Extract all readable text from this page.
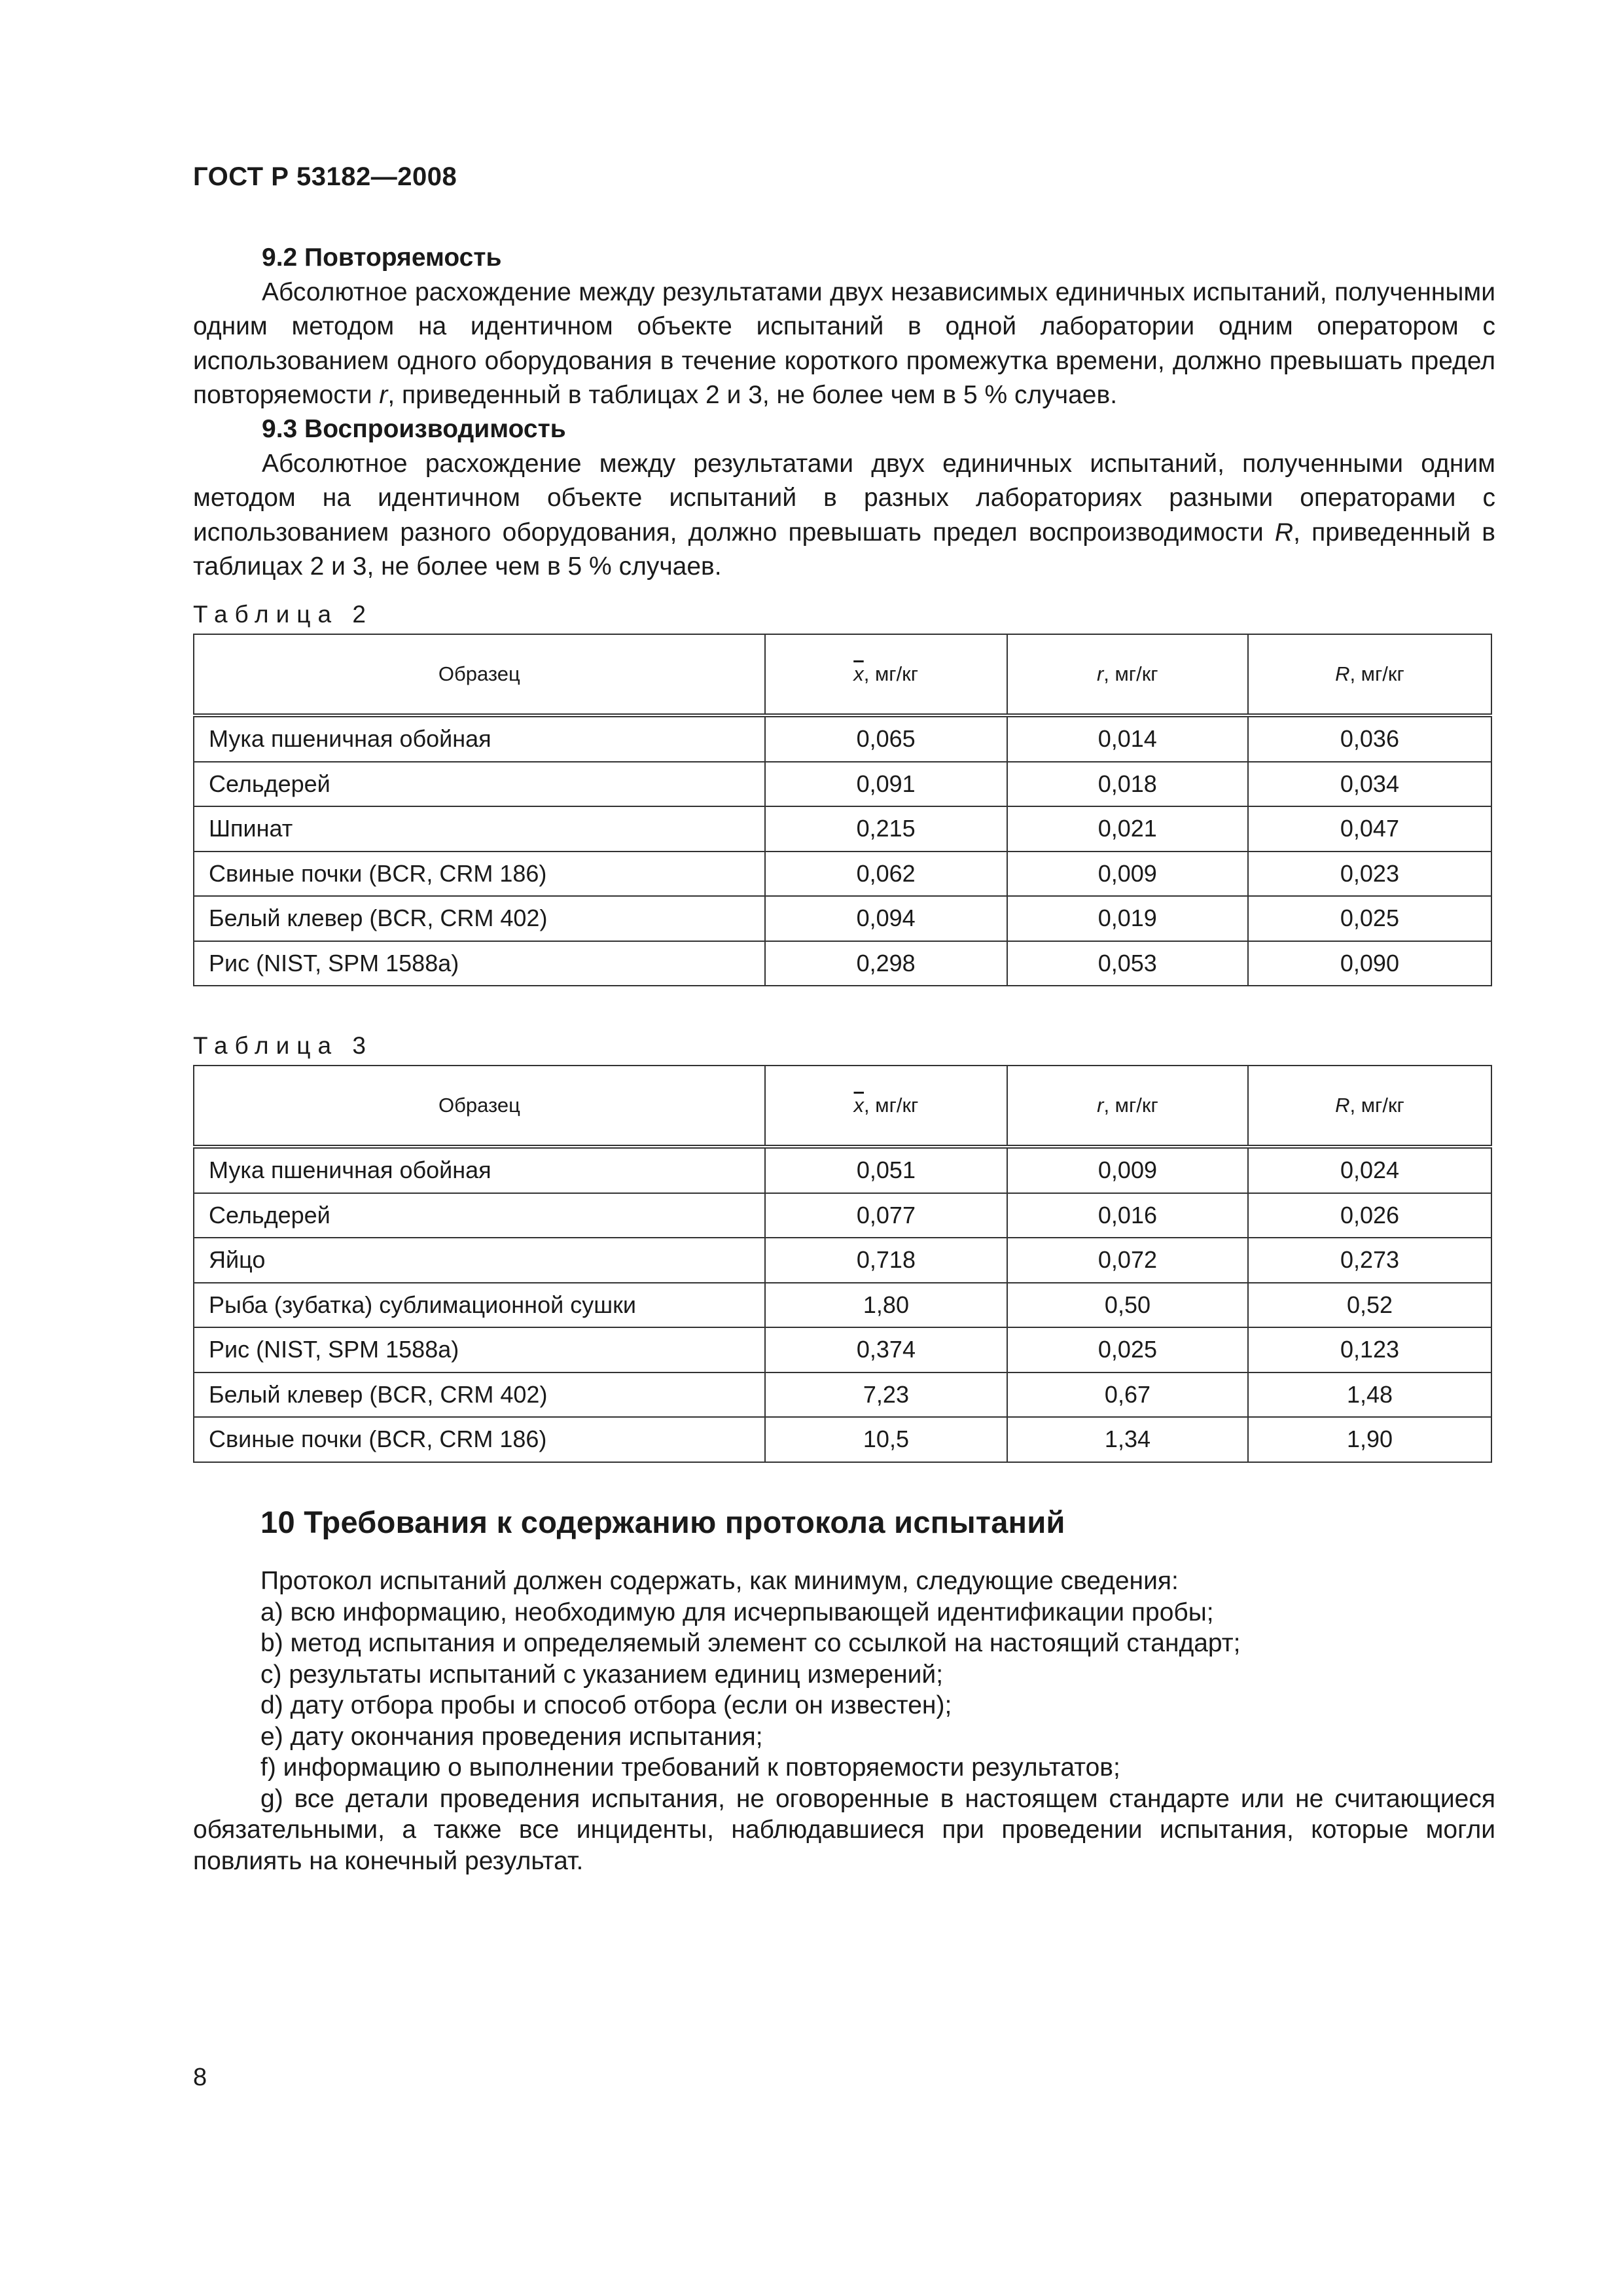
ГОСТ Р 53182—2008

9.2 Повторяемость

Абсолютное расхождение между результатами двух независимых единичных испытаний, полученными одним методом на идентичном объекте испытаний в одной лаборатории одним оператором с использованием одного оборудования в течение короткого промежутка времени, должно превышать предел повторяемости r, приведенный в таблицах 2 и 3, не более чем в 5 % случаев.

9.3 Воспроизводимость

Абсолютное расхождение между результатами двух единичных испытаний, полученными одним методом на идентичном объекте испытаний в разных лабораториях разными операторами с использованием разного оборудования, должно превышать предел воспроизводимости R, приведенный в таблицах 2 и 3, не более чем в 5 % случаев.

Таблица 2
Образец	$\overline{x}$, мг/кг	r, мг/кг	R, мг/кг
Мука пшеничная обойная	0,065	0,014	0,036
Сельдерей	0,091	0,018	0,034
Шпинат	0,215	0,021	0,047
Свиные почки (BCR, CRM 186)	0,062	0,009	0,023
Белый клевер (BCR, CRM 402)	0,094	0,019	0,025
Рис (NIST, SPM 1588а)	0,298	0,053	0,090
Таблица 3
Образец	$\overline{x}$, мг/кг	r, мг/кг	R, мг/кг
Мука пшеничная обойная	0,051	0,009	0,024
Сельдерей	0,077	0,016	0,026
Яйцо	0,718	0,072	0,273
Рыба (зубатка) сублимационной сушки	1,80	0,50	0,52
Рис (NIST, SPM 1588а)	0,374	0,025	0,123
Белый клевер (BCR, CRM 402)	7,23	0,67	1,48
Свиные почки (BCR, CRM 186)	10,5	1,34	1,90
10 Требования к содержанию протокола испытаний

Протокол испытаний должен содержать, как минимум, следующие сведения:

a) всю информацию, необходимую для исчерпывающей идентификации пробы;

b) метод испытания и определяемый элемент со ссылкой на настоящий стандарт;

c) результаты испытаний с указанием единиц измерений;

d) дату отбора пробы и способ отбора (если он известен);

e) дату окончания проведения испытания;

f) информацию о выполнении требований к повторяемости результатов;

g) все детали проведения испытания, не оговоренные в настоящем стандарте или не считающиеся обязательными, а также все инциденты, наблюдавшиеся при проведении испытания, которые могли повлиять на конечный результат.

8
